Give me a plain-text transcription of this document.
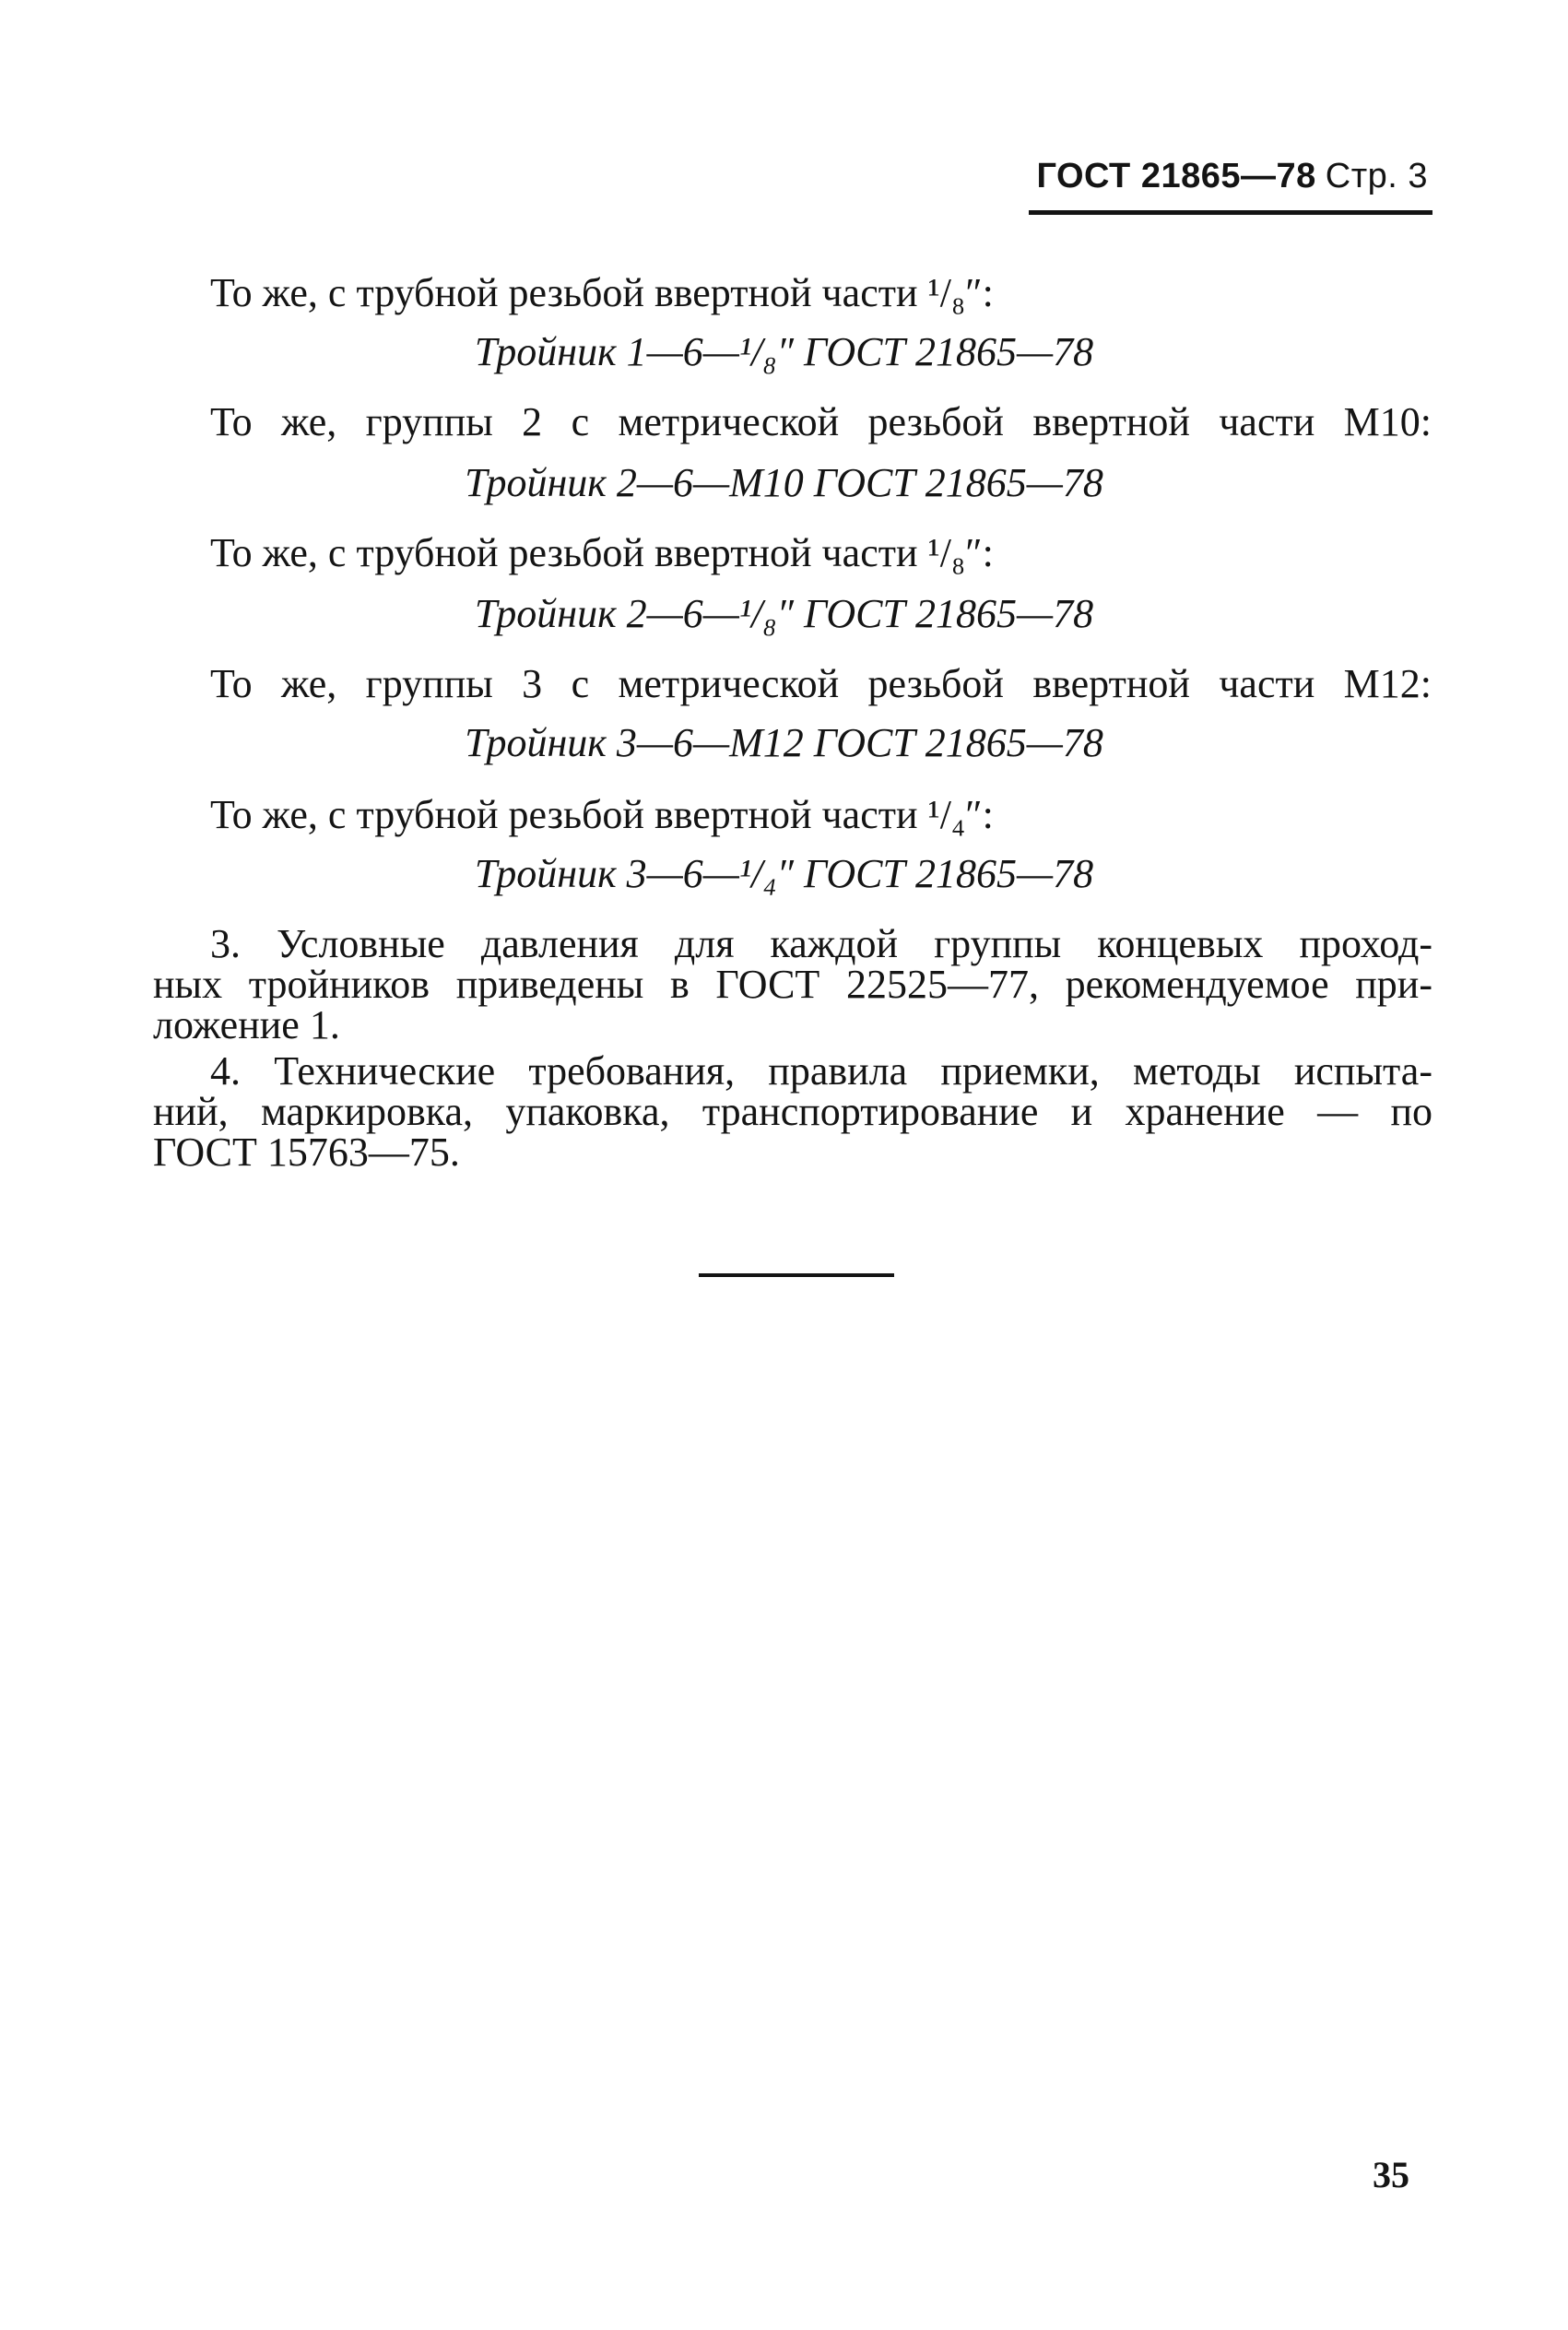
ГОСТ 21865—78 Стр. 3
То же, с трубной резьбой ввертной части ¹/₈″:
Тройник 1—6—¹/₈″ ГОСТ 21865—78
То же, группы 2 с метрической резьбой ввертной части М10:
Тройник 2—6—М10 ГОСТ 21865—78
То же, с трубной резьбой ввертной части ¹/₈″:
Тройник 2—6—¹/₈″ ГОСТ 21865—78
То же, группы 3 с метрической резьбой ввертной части М12:
Тройник 3—6—М12 ГОСТ 21865—78
То же, с трубной резьбой ввертной части ¹/₄″:
Тройник 3—6—¹/₄″ ГОСТ 21865—78
3. Условные давления для каждой группы концевых проход-
ных тройников приведены в ГОСТ 22525—77, рекомендуемое при-
ложение 1.
4. Технические требования, правила приемки, методы испыта-
ний, маркировка, упаковка, транспортирование и хранение — по
ГОСТ 15763—75.
35
